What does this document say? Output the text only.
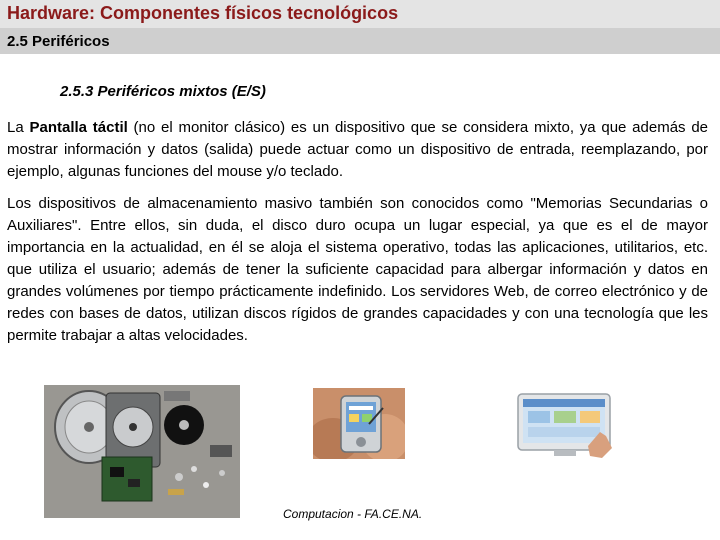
Hardware: Componentes físicos tecnológicos
2.5 Periféricos
2.5.3 Periféricos mixtos (E/S)

La Pantalla táctil (no el monitor clásico) es un dispositivo que se considera mixto, ya que además de mostrar información y datos (salida) puede actuar como un dispositivo de entrada, reemplazando, por ejemplo, algunas funciones del mouse y/o teclado.

Los dispositivos de almacenamiento masivo también son conocidos como "Memorias Secundarias o Auxiliares". Entre ellos, sin duda, el disco duro ocupa un lugar especial, ya que es el de mayor importancia en la actualidad, en él se aloja el sistema operativo, todas las aplicaciones, utilitarios, etc. que utiliza el usuario; además de tener la suficiente capacidad para albergar información y datos en grandes volúmenes por tiempo prácticamente indefinido. Los servidores Web, de correo electrónico y de redes con bases de datos, utilizan discos rígidos de grandes capacidades y con una tecnología que les permite trabajar a altas velocidades.

Computacion - FA.CE.NA.
